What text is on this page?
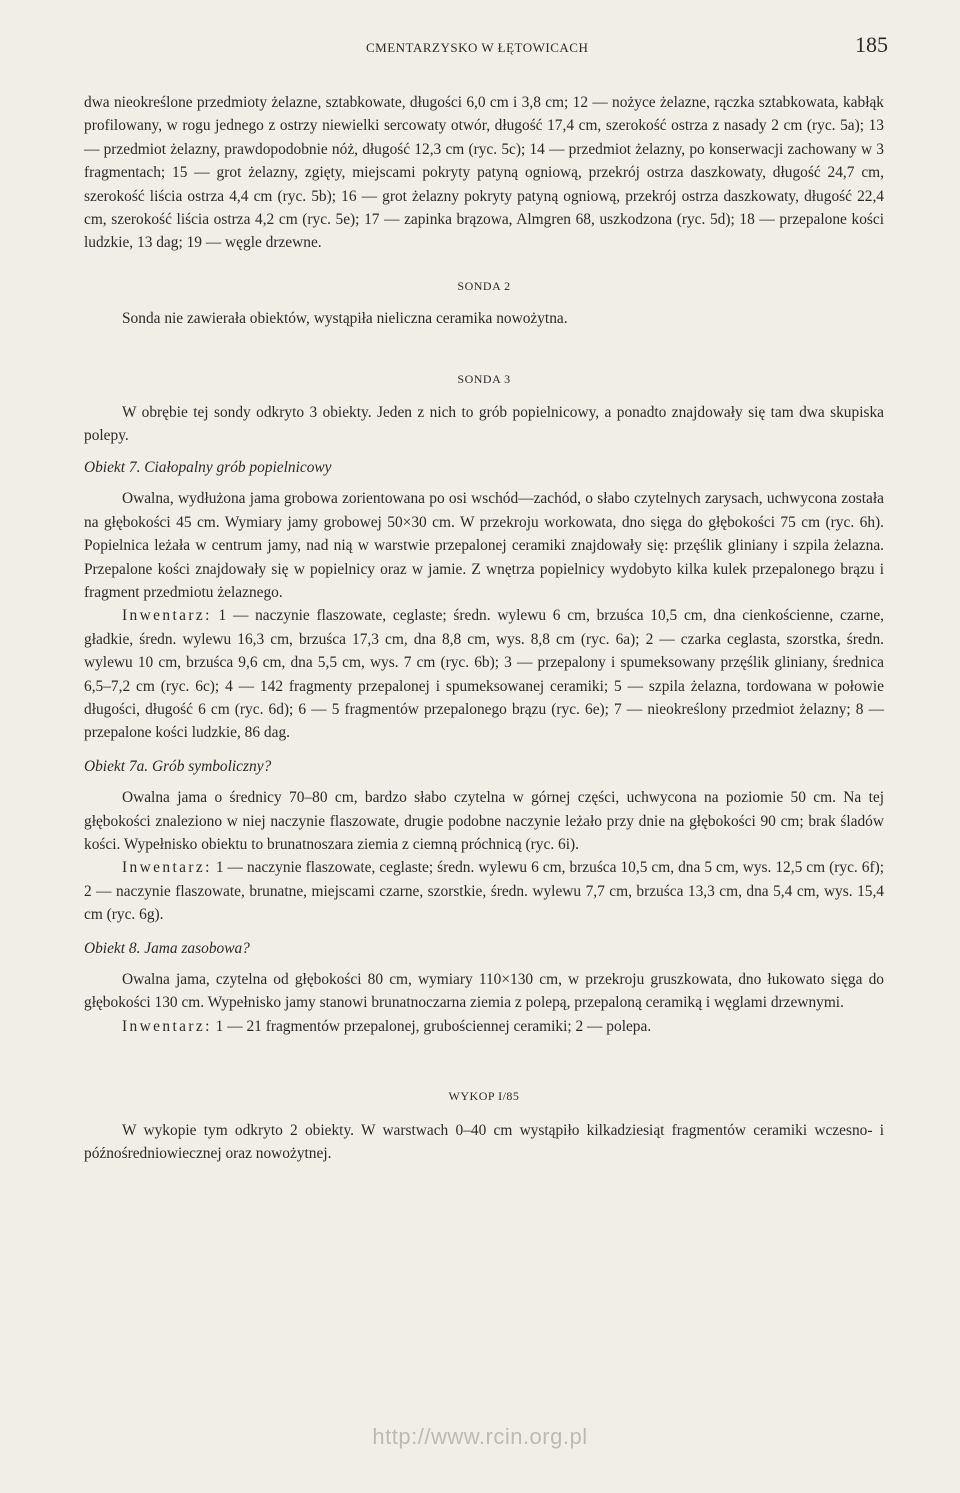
CMENTARZYSKO W ŁĘTOWICACH	185

dwa nieokreślone przedmioty żelazne, sztabkowate, długości 6,0 cm i 3,8 cm; 12 — nożyce żelazne, rączka sztabkowata, kabłąk profilowany, w rogu jednego z ostrzy niewielki sercowaty otwór, długość 17,4 cm, szerokość ostrza z nasady 2 cm (ryc. 5a); 13 — przedmiot żelazny, prawdopodobnie nóż, długość 12,3 cm (ryc. 5c); 14 — przedmiot żelazny, po konserwacji zachowany w 3 fragmentach; 15 — grot żelazny, zgięty, miejscami pokryty patyną ogniową, przekrój ostrza daszkowaty, długość 24,7 cm, szerokość liścia ostrza 4,4 cm (ryc. 5b); 16 — grot żelazny pokryty patyną ogniową, przekrój ostrza daszkowaty, długość 22,4 cm, szerokość liścia ostrza 4,2 cm (ryc. 5e); 17 — zapinka brązowa, Almgren 68, uszkodzona (ryc. 5d); 18 — przepalone kości ludzkie, 13 dag; 19 — węgle drzewne.

SONDA 2

Sonda nie zawierała obiektów, wystąpiła nieliczna ceramika nowożytna.

SONDA 3

W obrębie tej sondy odkryto 3 obiekty. Jeden z nich to grób popielnicowy, a ponadto znajdowały się tam dwa skupiska polepy.

Obiekt 7. Ciałopalny grób popielnicowy

Owalna, wydłużona jama grobowa zorientowana po osi wschód—zachód, o słabo czytelnych zarysach, uchwycona została na głębokości 45 cm. Wymiary jamy grobowej 50×30 cm. W przekroju workowata, dno sięga do głębokości 75 cm (ryc. 6h). Popielnica leżała w centrum jamy, nad nią w warstwie przepalonej ceramiki znajdowały się: przęślik gliniany i szpila żelazna. Przepalone kości znajdowały się w popielnicy oraz w jamie. Z wnętrza popielnicy wydobyto kilka kulek przepalonego brązu i fragment przedmiotu żelaznego.

Inwentarz: 1 — naczynie flaszowate, ceglaste; średn. wylewu 6 cm, brzuśca 10,5 cm, dna cienkościenne, czarne, gładkie, średn. wylewu 16,3 cm, brzuśca 17,3 cm, dna 8,8 cm, wys. 8,8 cm (ryc. 6a); 2 — czarka ceglasta, szorstka, średn. wylewu 10 cm, brzuśca 9,6 cm, dna 5,5 cm, wys. 7 cm (ryc. 6b); 3 — przepalony i spumeksowany przęślik gliniany, średnica 6,5–7,2 cm (ryc. 6c); 4 — 142 fragmenty przepalonej i spumeksowanej ceramiki; 5 — szpila żelazna, tordowana w połowie długości, długość 6 cm (ryc. 6d); 6 — 5 fragmentów przepalonego brązu (ryc. 6e); 7 — nieokreślony przedmiot żelazny; 8 — przepalone kości ludzkie, 86 dag.

Obiekt 7a. Grób symboliczny?

Owalna jama o średnicy 70–80 cm, bardzo słabo czytelna w górnej części, uchwycona na poziomie 50 cm. Na tej głębokości znaleziono w niej naczynie flaszowate, drugie podobne naczynie leżało przy dnie na głębokości 90 cm; brak śladów kości. Wypełnisko obiektu to brunatnoszara ziemia z ciemną próchnicą (ryc. 6i).

Inwentarz: 1 — naczynie flaszowate, ceglaste; średn. wylewu 6 cm, brzuśca 10,5 cm, dna 5 cm, wys. 12,5 cm (ryc. 6f); 2 — naczynie flaszowate, brunatne, miejscami czarne, szorstkie, średn. wylewu 7,7 cm, brzuśca 13,3 cm, dna 5,4 cm, wys. 15,4 cm (ryc. 6g).

Obiekt 8. Jama zasobowa?

Owalna jama, czytelna od głębokości 80 cm, wymiary 110×130 cm, w przekroju gruszkowata, dno łukowato sięga do głębokości 130 cm. Wypełnisko jamy stanowi brunatnoczarna ziemia z polepą, przepaloną ceramiką i węglami drzewnymi.

Inwentarz: 1 — 21 fragmentów przepalonej, grubościennej ceramiki; 2 — polepa.

WYKOP I/85

W wykopie tym odkryto 2 obiekty. W warstwach 0–40 cm wystąpiło kilkadziesiąt fragmentów ceramiki wczesno- i późnośredniowiecznej oraz nowożytnej.

http://www.rcin.org.pl
